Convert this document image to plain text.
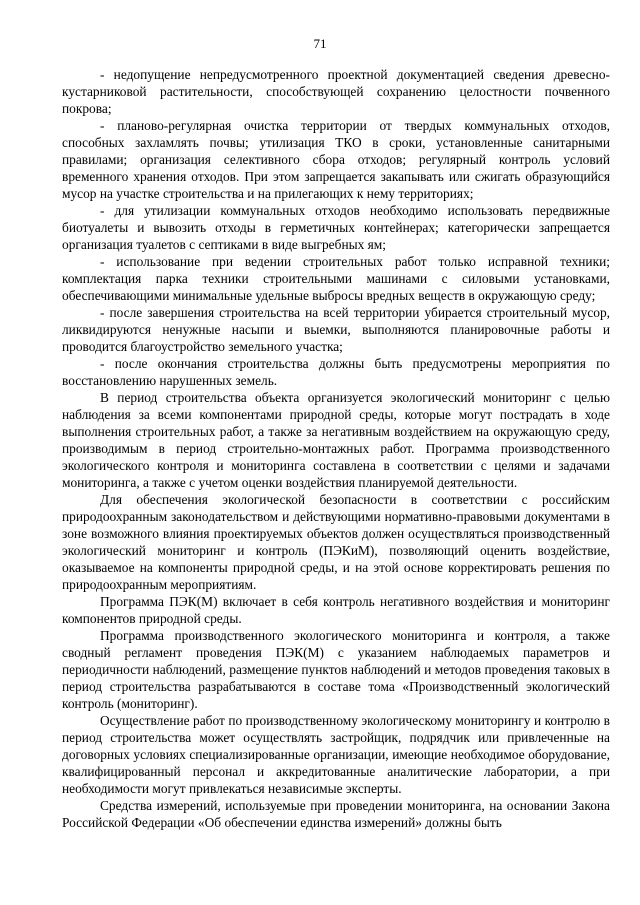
71

- недопущение непредусмотренного проектной документацией сведения древеснокустарниковой растительности, способствующей сохранению целостности почвенного покрова;

- планово-регулярная очистка территории от твердых коммунальных отходов, способных захламлять почвы; утилизация ТКО в сроки, установленные санитарными правилами; организация селективного сбора отходов; регулярный контроль условий временного хранения отходов. При этом запрещается закапывать или сжигать образующийся мусор на участке строительства и на прилегающих к нему территориях;

- для утилизации коммунальных отходов необходимо использовать передвижные биотуалеты и вывозить отходы в герметичных контейнерах; категорически запрещается организация туалетов с септиками в виде выгребных ям;

- использование при ведении строительных работ только исправной техники; комплектация парка техники строительными машинами с силовыми установками, обеспечивающими минимальные удельные выбросы вредных веществ в окружающую среду;

- после завершения строительства на всей территории убирается строительный мусор, ликвидируются ненужные насыпи и выемки, выполняются планировочные работы и проводится благоустройство земельного участка;

- после окончания строительства должны быть предусмотрены мероприятия по восстановлению нарушенных земель.

В период строительства объекта организуется экологический мониторинг с целью наблюдения за всеми компонентами природной среды, которые могут пострадать в ходе выполнения строительных работ, а также за негативным воздействием на окружающую среду, производимым в период строительно-монтажных работ. Программа производственного экологического контроля и мониторинга составлена в соответствии с целями и задачами мониторинга, а также с учетом оценки воздействия планируемой деятельности.

Для обеспечения экологической безопасности в соответствии с российским природоохранным законодательством и действующими нормативно-правовыми документами в зоне возможного влияния проектируемых объектов должен осуществляться производственный экологический мониторинг и контроль (ПЭКиМ), позволяющий оценить воздействие, оказываемое на компоненты природной среды, и на этой основе корректировать решения по природоохранным мероприятиям.

Программа ПЭК(М) включает в себя контроль негативного воздействия и мониторинг компонентов природной среды.

Программа производственного экологического мониторинга и контроля, а также сводный регламент проведения ПЭК(М) с указанием наблюдаемых параметров и периодичности наблюдений, размещение пунктов наблюдений и методов проведения таковых в период строительства разрабатываются в составе тома «Производственный экологический контроль (мониторинг).

Осуществление работ по производственному экологическому мониторингу и контролю в период строительства может осуществлять застройщик, подрядчик или привлеченные на договорных условиях специализированные организации, имеющие необходимое оборудование, квалифицированный персонал и аккредитованные аналитические лаборатории, а при необходимости могут привлекаться независимые эксперты.

Средства измерений, используемые при проведении мониторинга, на основании Закона Российской Федерации «Об обеспечении единства измерений» должны быть
